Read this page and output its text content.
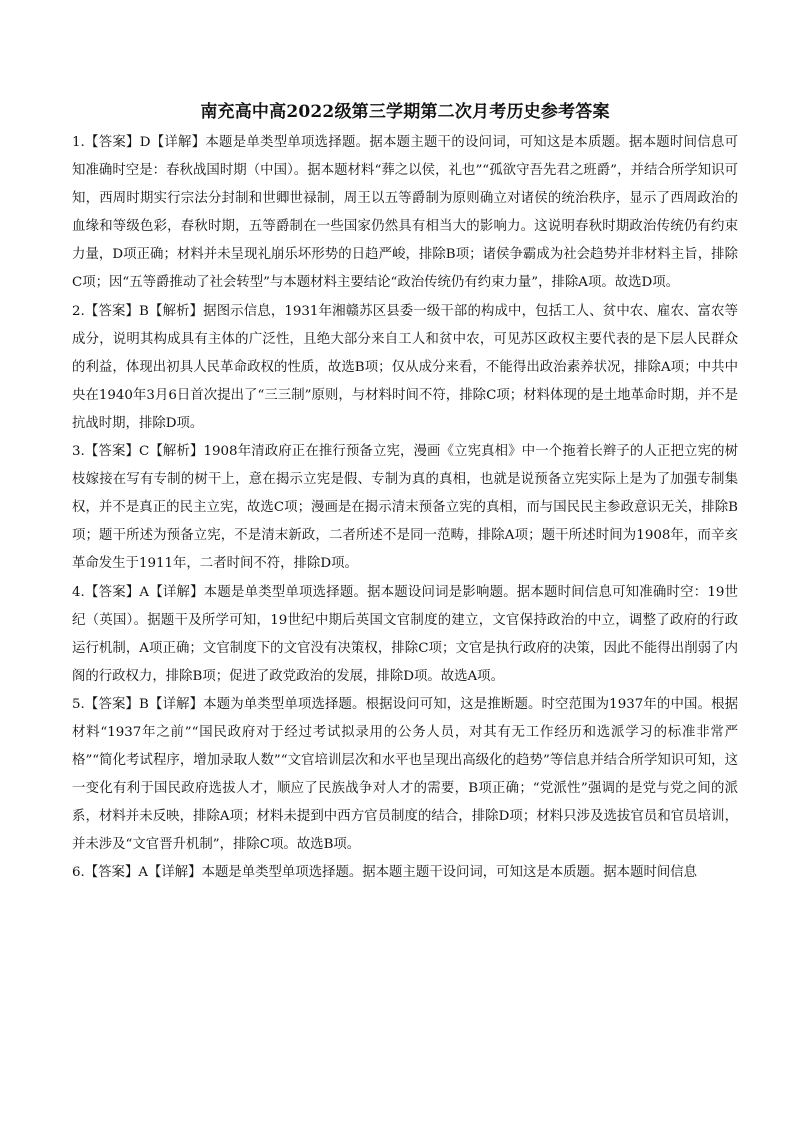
南充高中高2022级第三学期第二次月考历史参考答案

1.【答案】D【详解】本题是单类型单项选择题。据本题主题干的设问词，可知这是本质题。据本题时间信息可知准确时空是：春秋战国时期（中国）。据本题材料“葬之以侯，礼也”“孤欲守吾先君之班爵”，并结合所学知识可知，西周时期实行宗法分封制和世卿世禄制，周王以五等爵制为原则确立对诸侯的统治秩序，显示了西周政治的血缘和等级色彩，春秋时期，五等爵制在一些国家仍然具有相当大的影响力。这说明春秋时期政治传统仍有约束力量，D项正确；材料并未呈现礼崩乐坏形势的日趋严峻，排除B项；诸侯争霸成为社会趋势并非材料主旨，排除C项；因“五等爵推动了社会转型”与本题材料主要结论“政治传统仍有约束力量”，排除A项。故选D项。

2.【答案】B【解析】据图示信息，1931年湘赣苏区县委一级干部的构成中，包括工人、贫中农、雇农、富农等成分，说明其构成具有主体的广泛性，且绝大部分来自工人和贫中农，可见苏区政权主要代表的是下层人民群众的利益，体现出初具人民革命政权的性质，故选B项；仅从成分来看，不能得出政治素养状况，排除A项；中共中央在1940年3月6日首次提出了“三三制”原则，与材料时间不符，排除C项；材料体现的是土地革命时期，并不是抗战时期，排除D项。

3.【答案】C【解析】1908年清政府正在推行预备立宪，漫画《立宪真相》中一个拖着长辫子的人正把立宪的树枝嫁接在写有专制的树干上，意在揭示立宪是假、专制为真的真相，也就是说预备立宪实际上是为了加强专制集权，并不是真正的民主立宪，故选C项；漫画是在揭示清末预备立宪的真相，而与国民民主参政意识无关，排除B项；题干所述为预备立宪，不是清末新政，二者所述不是同一范畴，排除A项；题干所述时间为1908年，而辛亥革命发生于1911年，二者时间不符，排除D项。

4.【答案】A【详解】本题是单类型单项选择题。据本题设问词是影响题。据本题时间信息可知准确时空：19世纪（英国）。据题干及所学可知，19世纪中期后英国文官制度的建立，文官保持政治的中立，调整了政府的行政运行机制，A项正确；文官制度下的文官没有决策权，排除C项；文官是执行政府的决策，因此不能得出削弱了内阁的行政权力，排除B项；促进了政党政治的发展，排除D项。故选A项。

5.【答案】B【详解】本题为单类型单项选择题。根据设问可知，这是推断题。时空范围为1937年的中国。根据材料“1937年之前”“国民政府对于经过考试拟录用的公务人员，对其有无工作经历和选派学习的标准非常严格”“简化考试程序，增加录取人数”“文官培训层次和水平也呈现出高级化的趋势”等信息并结合所学知识可知，这一变化有利于国民政府选拔人才，顺应了民族战争对人才的需要，B项正确；“党派性”强调的是党与党之间的派系，材料并未反映，排除A项；材料未提到中西方官员制度的结合，排除D项；材料只涉及选拔官员和官员培训，并未涉及“文官晋升机制”，排除C项。故选B项。

6.【答案】A【详解】本题是单类型单项选择题。据本题主题干设问词，可知这是本质题。据本题时间信息
